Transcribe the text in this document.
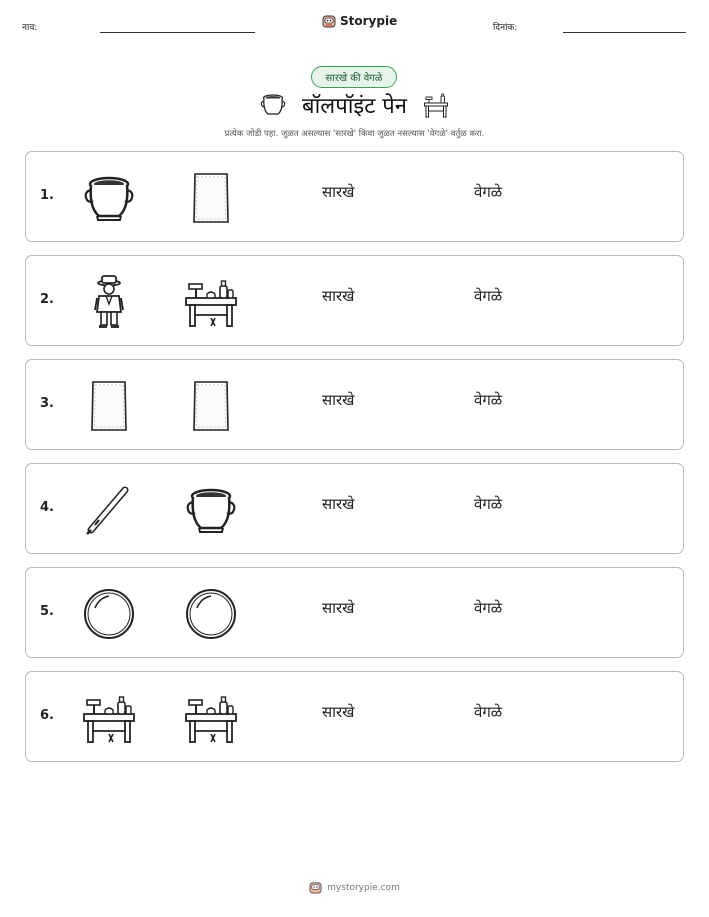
नाव:	Storypie	दिनांक:
सारखे की वेगळे
बॉलपॉइंट पेन
प्रत्येक जोडी पहा. जुळत असल्यास 'सारखे' किंवा जुळत नसल्यास 'वेगळे' वर्तुळ करा.
1.	सारखे	वेगळे
2.	सारखे	वेगळे
3.	सारखे	वेगळे
4.	सारखे	वेगळे
5.	सारखे	वेगळे
6.	सारखे	वेगळे
mystorypie.com
